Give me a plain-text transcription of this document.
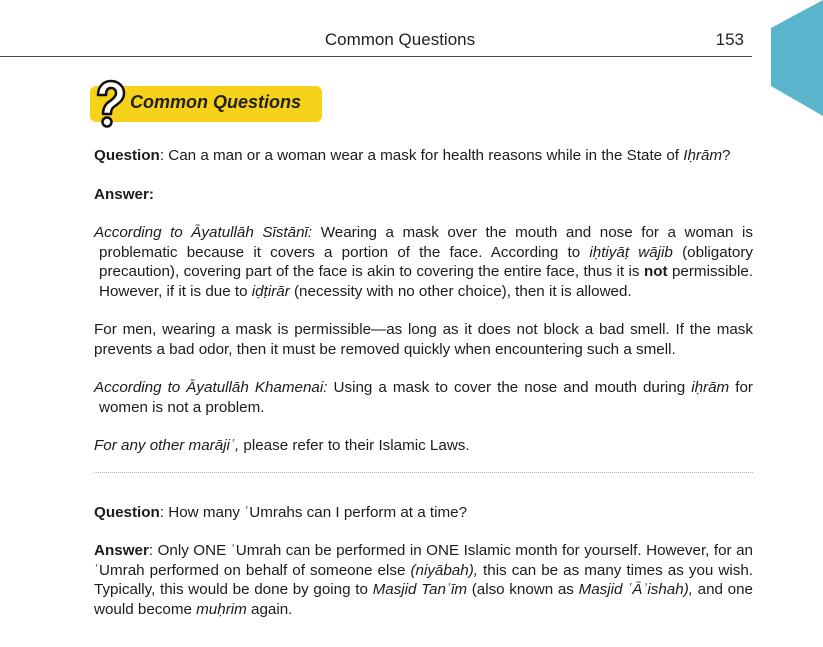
Common Questions	153
Common Questions

Question: Can a man or a woman wear a mask for health reasons while in the State of Iḥrām?

Answer:

According to Āyatullāh Sīstānī: Wearing a mask over the mouth and nose for a woman is problematic because it covers a portion of the face. According to iḥtiyāṭ wājib (obligatory precaution), covering part of the face is akin to covering the entire face, thus it is not permissible. However, if it is due to iḍṭirār (necessity with no other choice), then it is allowed.

For men, wearing a mask is permissible—as long as it does not block a bad smell. If the mask prevents a bad odor, then it must be removed quickly when encountering such a smell.

According to Āyatullāh Khamenai: Using a mask to cover the nose and mouth during iḥrām for women is not a problem.

For any other marājiʿ, please refer to their Islamic Laws.

Question: How many ʿUmrahs can I perform at a time?

Answer: Only ONE ʿUmrah can be performed in ONE Islamic month for yourself. However, for an ʿUmrah performed on behalf of someone else (niyābah), this can be as many times as you wish. Typically, this would be done by going to Masjid Tanʿīm (also known as Masjid ʿĀʾishah), and one would become muḥrim again.
